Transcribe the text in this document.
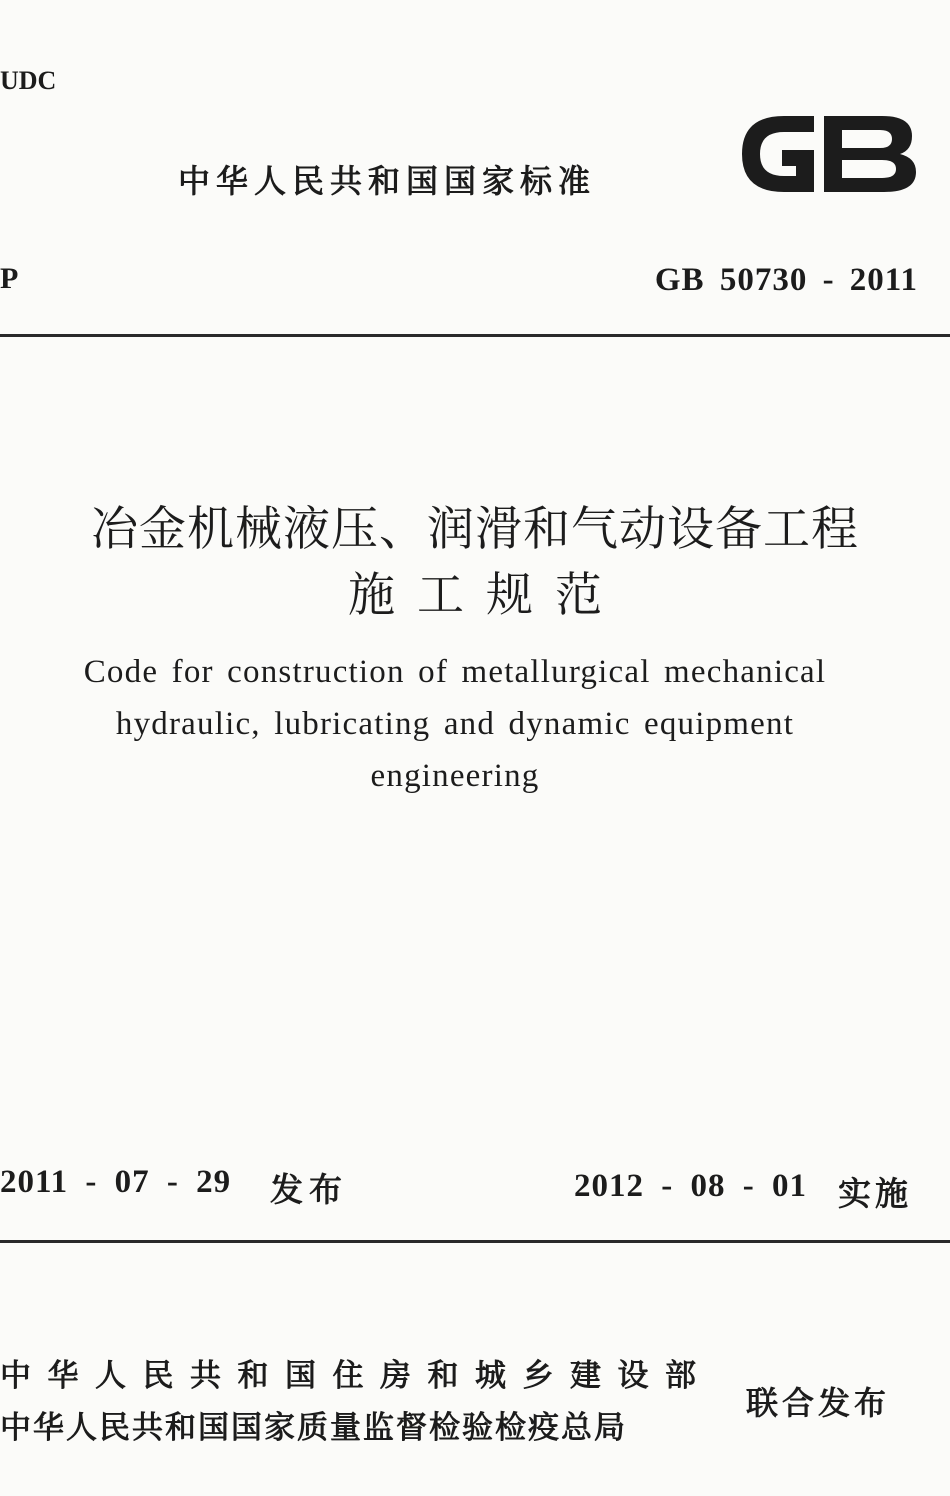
UDC
中华人民共和国国家标准
P	GB 50730 - 2011
冶金机械液压、润滑和气动设备工程
施工规范
Code for construction of metallurgical mechanical
hydraulic, lubricating and dynamic equipment
engineering
2011 - 07 - 29 发布	2012 - 08 - 01 实施
中华人民共和国住房和城乡建设部
中华人民共和国国家质量监督检验检疫总局
联合发布
